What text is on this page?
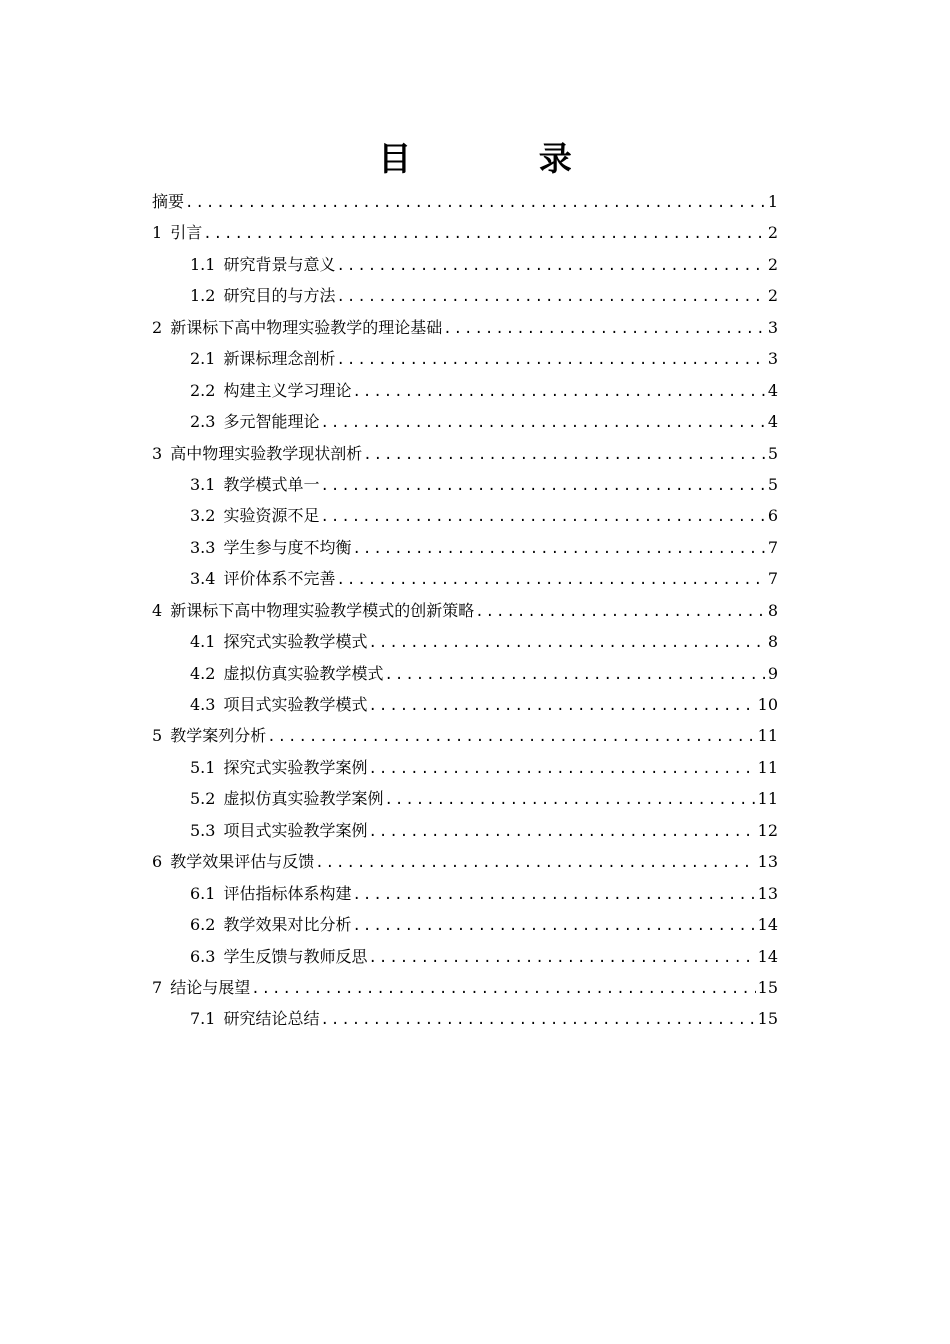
目 录
摘要 .....	1
1 引言 .....	2
1.1 研究背景与意义 .....	2
1.2 研究目的与方法 .....	2
2 新课标下高中物理实验教学的理论基础 .....	3
2.1 新课标理念剖析 .....	3
2.2 构建主义学习理论 .....	4
2.3 多元智能理论 .....	4
3 高中物理实验教学现状剖析 .....	5
3.1 教学模式单一 .....	5
3.2 实验资源不足 .....	6
3.3 学生参与度不均衡 .....	7
3.4 评价体系不完善 .....	7
4 新课标下高中物理实验教学模式的创新策略 .....	8
4.1 探究式实验教学模式 .....	8
4.2 虚拟仿真实验教学模式 .....	9
4.3 项目式实验教学模式 .....	10
5 教学案列分析 .....	11
5.1 探究式实验教学案例 .....	11
5.2 虚拟仿真实验教学案例 .....	11
5.3 项目式实验教学案例 .....	12
6 教学效果评估与反馈 .....	13
6.1 评估指标体系构建 .....	13
6.2 教学效果对比分析 .....	14
6.3 学生反馈与教师反思 .....	14
7 结论与展望 .....	15
7.1 研究结论总结 .....	15
